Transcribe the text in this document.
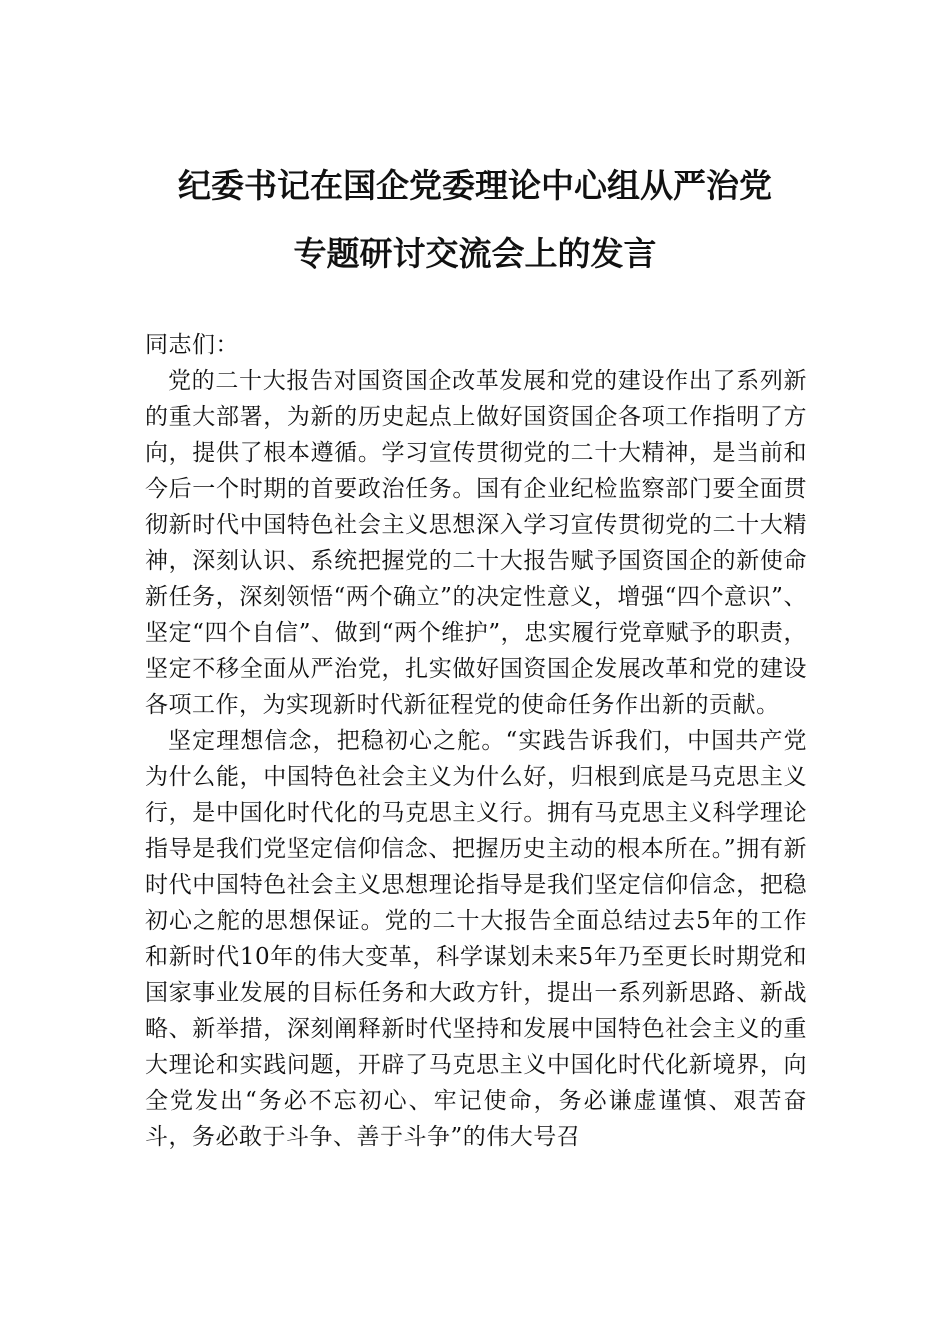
纪委书记在国企党委理论中心组从严治党
专题研讨交流会上的发言

同志们：

党的二十大报告对国资国企改革发展和党的建设作出了系列新的重大部署，为新的历史起点上做好国资国企各项工作指明了方向，提供了根本遵循。学习宣传贯彻党的二十大精神，是当前和今后一个时期的首要政治任务。国有企业纪检监察部门要全面贯彻新时代中国特色社会主义思想深入学习宣传贯彻党的二十大精神，深刻认识、系统把握党的二十大报告赋予国资国企的新使命新任务，深刻领悟“两个确立”的决定性意义，增强“四个意识”、坚定“四个自信”、做到“两个维护”，忠实履行党章赋予的职责，坚定不移全面从严治党，扎实做好国资国企发展改革和党的建设各项工作，为实现新时代新征程党的使命任务作出新的贡献。

坚定理想信念，把稳初心之舵。“实践告诉我们，中国共产党为什么能，中国特色社会主义为什么好，归根到底是马克思主义行，是中国化时代化的马克思主义行。拥有马克思主义科学理论指导是我们党坚定信仰信念、把握历史主动的根本所在。”拥有新时代中国特色社会主义思想理论指导是我们坚定信仰信念，把稳初心之舵的思想保证。党的二十大报告全面总结过去5年的工作和新时代10年的伟大变革，科学谋划未来5年乃至更长时期党和国家事业发展的目标任务和大政方针，提出一系列新思路、新战略、新举措，深刻阐释新时代坚持和发展中国特色社会主义的重大理论和实践问题，开辟了马克思主义中国化时代化新境界，向全党发出“务必不忘初心、牢记使命，务必谦虚谨慎、艰苦奋斗，务必敢于斗争、善于斗争”的伟大号召
